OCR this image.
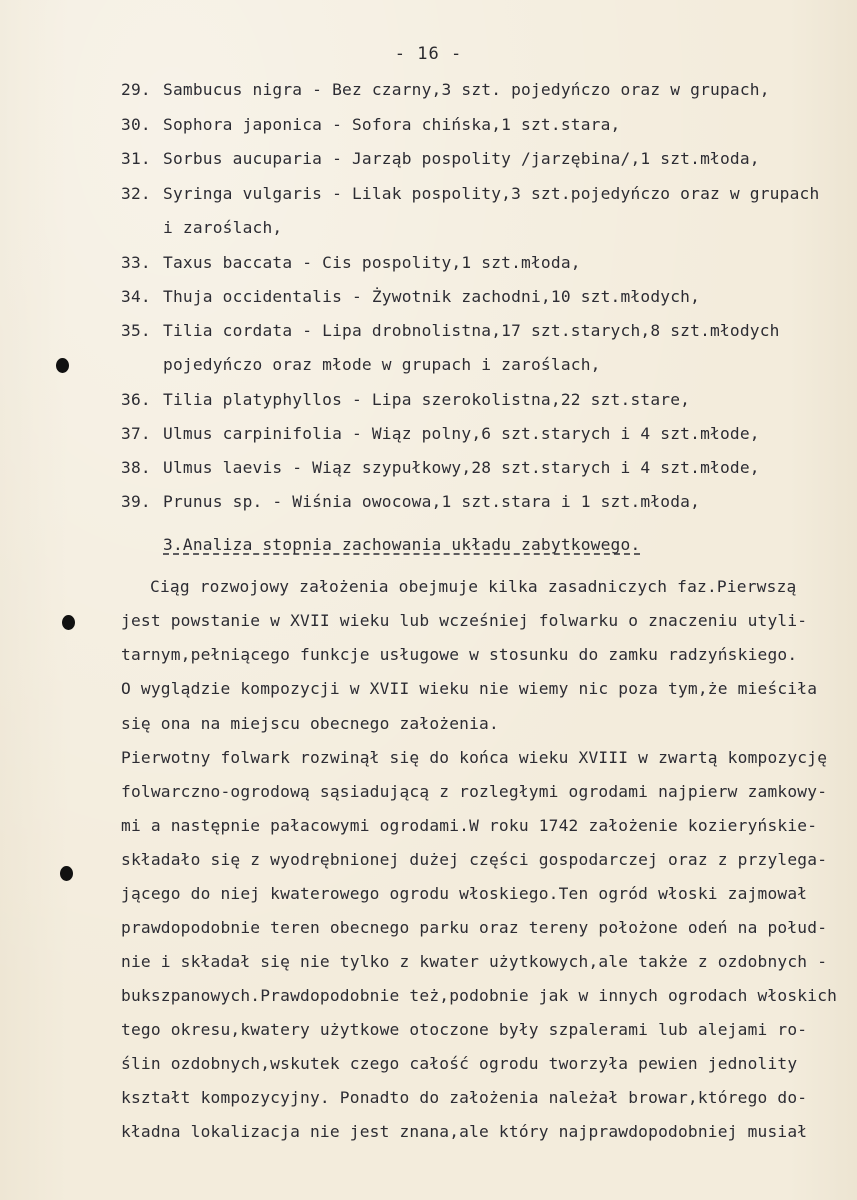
- 16 -
29. Sambucus nigra - Bez czarny,3 szt. pojedyńczo oraz w grupach,
30. Sophora japonica - Sofora chińska,1 szt.stara,
31. Sorbus aucuparia - Jarząb pospolity /jarzębina/,1 szt.młoda,
32. Syringa vulgaris - Lilak pospolity,3 szt.pojedyńczo oraz w grupach
i zaroślach,
33. Taxus baccata - Cis pospolity,1 szt.młoda,
34. Thuja occidentalis - Żywotnik zachodni,10 szt.młodych,
35. Tilia cordata - Lipa drobnolistna,17 szt.starych,8 szt.młodych
pojedyńczo oraz młode w grupach i zaroślach,
36. Tilia platyphyllos - Lipa szerokolistna,22 szt.stare,
37. Ulmus carpinifolia - Wiąz polny,6 szt.starych i 4 szt.młode,
38. Ulmus laevis - Wiąz szypułkowy,28 szt.starych i 4 szt.młode,
39. Prunus sp. - Wiśnia owocowa,1 szt.stara i 1 szt.młoda,
3.Analiza stopnia zachowania układu zabytkowego.
Ciąg rozwojowy założenia obejmuje kilka zasadniczych faz.Pierwszą
jest powstanie w XVII wieku lub wcześniej folwarku o znaczeniu utyli-
tarnym,pełniącego funkcje usługowe w stosunku do zamku radzyńskiego.
O wyglądzie kompozycji w XVII wieku nie wiemy nic poza tym,że mieściła
się ona na miejscu obecnego założenia.
Pierwotny folwark rozwinął się do końca wieku XVIII w zwartą kompozycję
folwarczno-ogrodową sąsiadującą z rozległymi ogrodami najpierw zamkowy-
mi a następnie pałacowymi ogrodami.W roku 1742 założenie kozieryńskie-
składało się z wyodrębnionej dużej części gospodarczej oraz z przylega-
jącego do niej kwaterowego ogrodu włoskiego.Ten ogród włoski zajmował
prawdopodobnie teren obecnego parku oraz tereny położone odeń na połud-
nie i składał się nie tylko z kwater użytkowych,ale także z ozdobnych -
bukszpanowych.Prawdopodobnie też,podobnie jak w innych ogrodach włoskich
tego okresu,kwatery użytkowe otoczone były szpalerami lub alejami ro-
ślin ozdobnych,wskutek czego całość ogrodu tworzyła pewien jednolity
kształt kompozycyjny. Ponadto do założenia należał browar,którego do-
kładna lokalizacja nie jest znana,ale który najprawdopodobniej musiał
